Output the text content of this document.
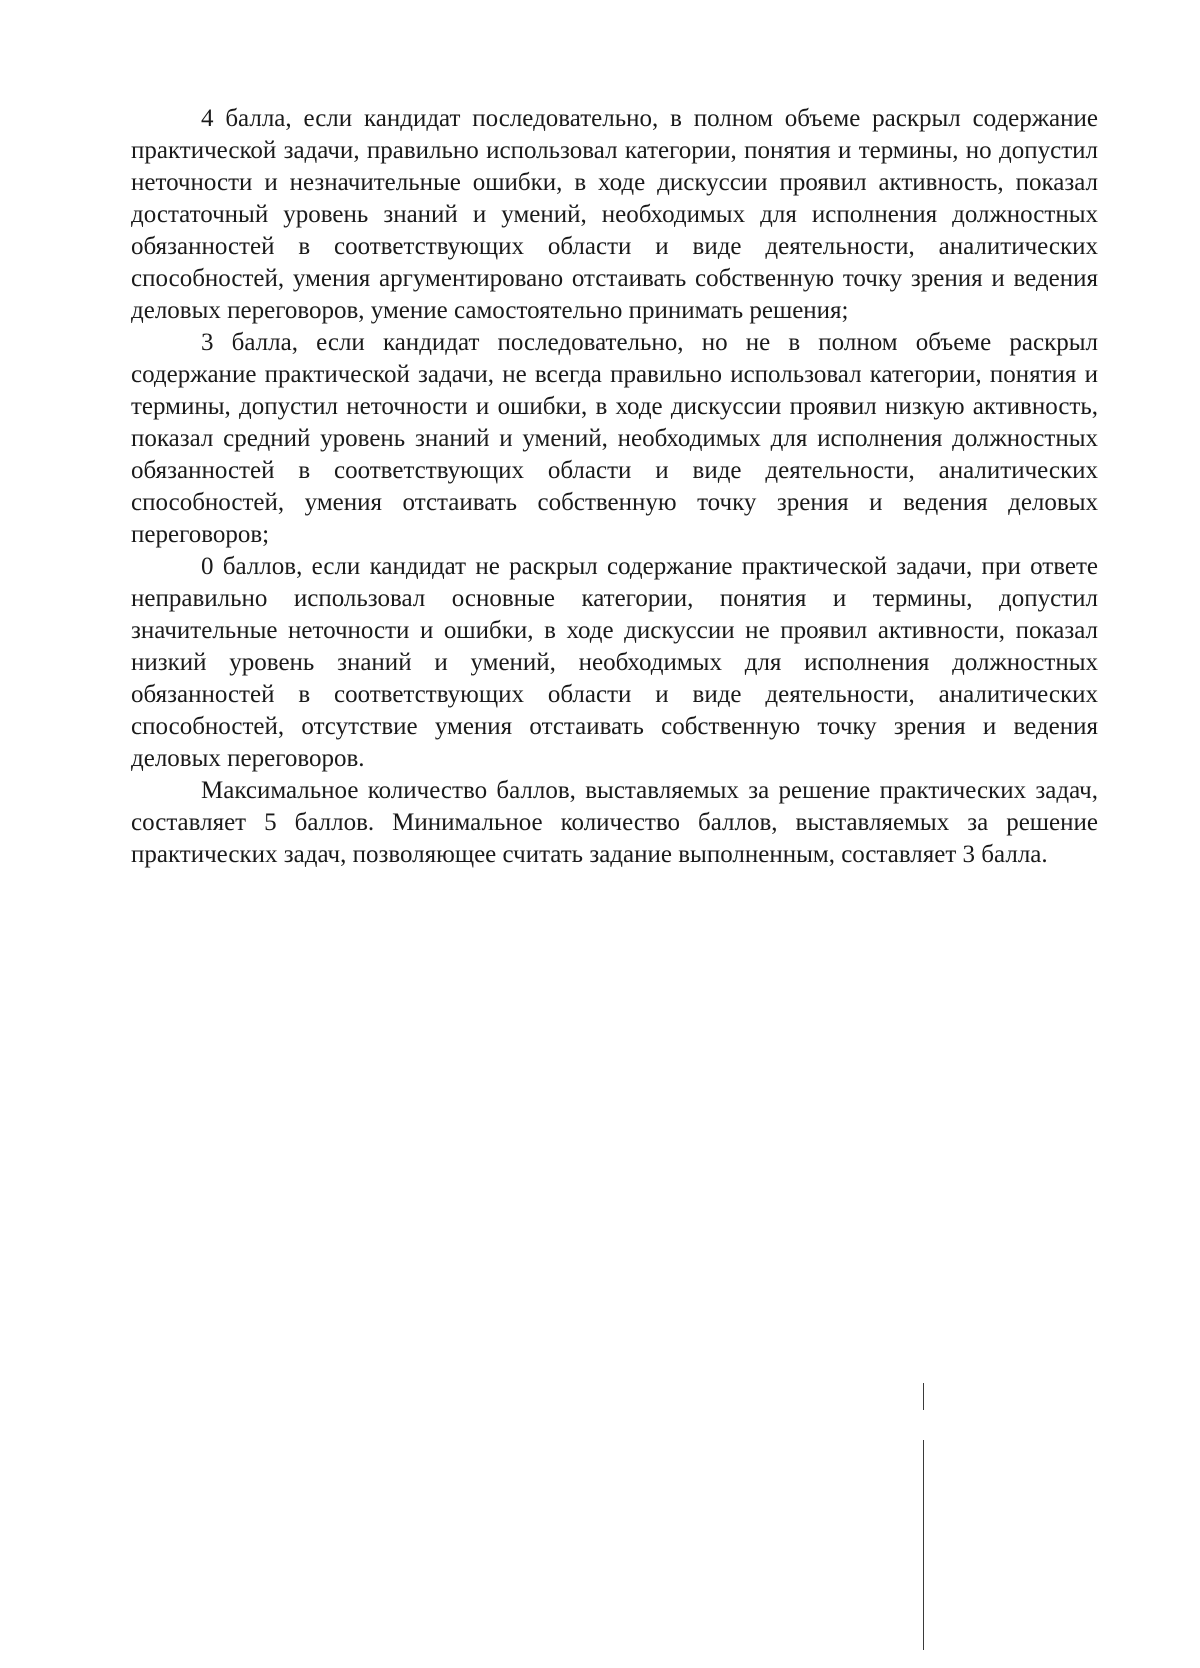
4 балла, если кандидат последовательно, в полном объеме раскрыл содержание практической задачи, правильно использовал категории, понятия и термины, но допустил неточности и незначительные ошибки, в ходе дискуссии проявил активность, показал достаточный уровень знаний и умений, необходимых для исполнения должностных обязанностей в соответствующих области и виде деятельности, аналитических способностей, умения аргументировано отстаивать собственную точку зрения и ведения деловых переговоров, умение самостоятельно принимать решения;

3 балла, если кандидат последовательно, но не в полном объеме раскрыл содержание практической задачи, не всегда правильно использовал категории, понятия и термины, допустил неточности и ошибки, в ходе дискуссии проявил низкую активность, показал средний уровень знаний и умений, необходимых для исполнения должностных обязанностей в соответствующих области и виде деятельности, аналитических способностей, умения отстаивать собственную точку зрения и ведения деловых переговоров;

0 баллов, если кандидат не раскрыл содержание практической задачи, при ответе неправильно использовал основные категории, понятия и термины, допустил значительные неточности и ошибки, в ходе дискуссии не проявил активности, показал низкий уровень знаний и умений, необходимых для исполнения должностных обязанностей в соответствующих области и виде деятельности, аналитических способностей, отсутствие умения отстаивать собственную точку зрения и ведения деловых переговоров.

Максимальное количество баллов, выставляемых за решение практических задач, составляет 5 баллов. Минимальное количество баллов, выставляемых за решение практических задач, позволяющее считать задание выполненным, составляет 3 балла.
